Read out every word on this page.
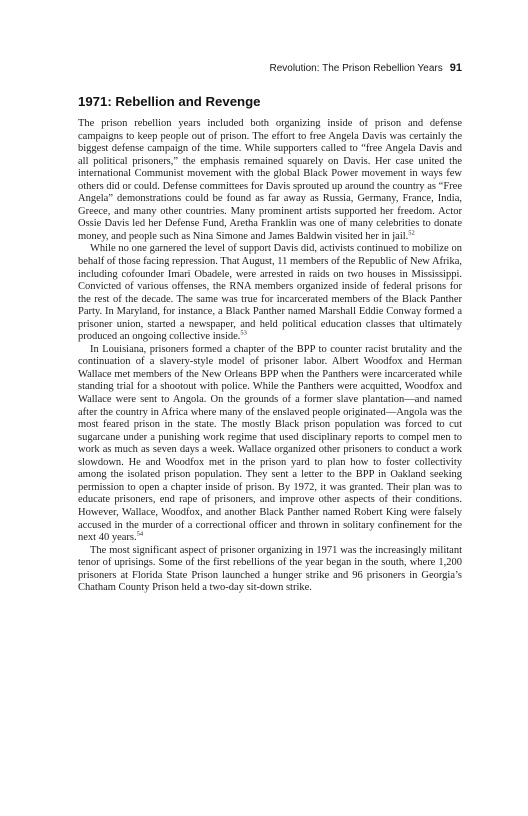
Revolution: The Prison Rebellion Years 91
1971: Rebellion and Revenge

The prison rebellion years included both organizing inside of prison and defense campaigns to keep people out of prison. The effort to free Angela Davis was certainly the biggest defense campaign of the time. While supporters called to “free Angela Davis and all political prisoners,” the emphasis remained squarely on Davis. Her case united the international Communist movement with the global Black Power movement in ways few others did or could. Defense committees for Davis sprouted up around the country as “Free Angela” demonstrations could be found as far away as Russia, Germany, France, India, Greece, and many other countries. Many prominent artists supported her freedom. Actor Ossie Davis led her Defense Fund, Aretha Franklin was one of many celebrities to donate money, and people such as Nina Simone and James Baldwin visited her in jail.$^{52}$

While no one garnered the level of support Davis did, activists continued to mobilize on behalf of those facing repression. That August, 11 members of the Republic of New Afrika, including cofounder Imari Obadele, were arrested in raids on two houses in Mississippi. Convicted of various offenses, the RNA members organized inside of federal prisons for the rest of the decade. The same was true for incarcerated members of the Black Panther Party. In Maryland, for instance, a Black Panther named Marshall Eddie Conway formed a prisoner union, started a newspaper, and held political education classes that ultimately produced an ongoing collective inside.$^{53}$

In Louisiana, prisoners formed a chapter of the BPP to counter racist brutality and the continuation of a slavery-style model of prisoner labor. Albert Woodfox and Herman Wallace met members of the New Orleans BPP when the Panthers were incarcerated while standing trial for a shootout with police. While the Panthers were acquitted, Woodfox and Wallace were sent to Angola. On the grounds of a former slave plantation—and named after the country in Africa where many of the enslaved people originated—Angola was the most feared prison in the state. The mostly Black prison population was forced to cut sugarcane under a punishing work regime that used disciplinary reports to compel men to work as much as seven days a week. Wallace organized other prisoners to conduct a work slowdown. He and Woodfox met in the prison yard to plan how to foster collectivity among the isolated prison population. They sent a letter to the BPP in Oakland seeking permission to open a chapter inside of prison. By 1972, it was granted. Their plan was to educate prisoners, end rape of prisoners, and improve other aspects of their conditions. However, Wallace, Woodfox, and another Black Panther named Robert King were falsely accused in the murder of a correctional officer and thrown in solitary confinement for the next 40 years.$^{54}$

The most significant aspect of prisoner organizing in 1971 was the increasingly militant tenor of uprisings. Some of the first rebellions of the year began in the south, where 1,200 prisoners at Florida State Prison launched a hunger strike and 96 prisoners in Georgia’s Chatham County Prison held a two-day sit-down strike.
